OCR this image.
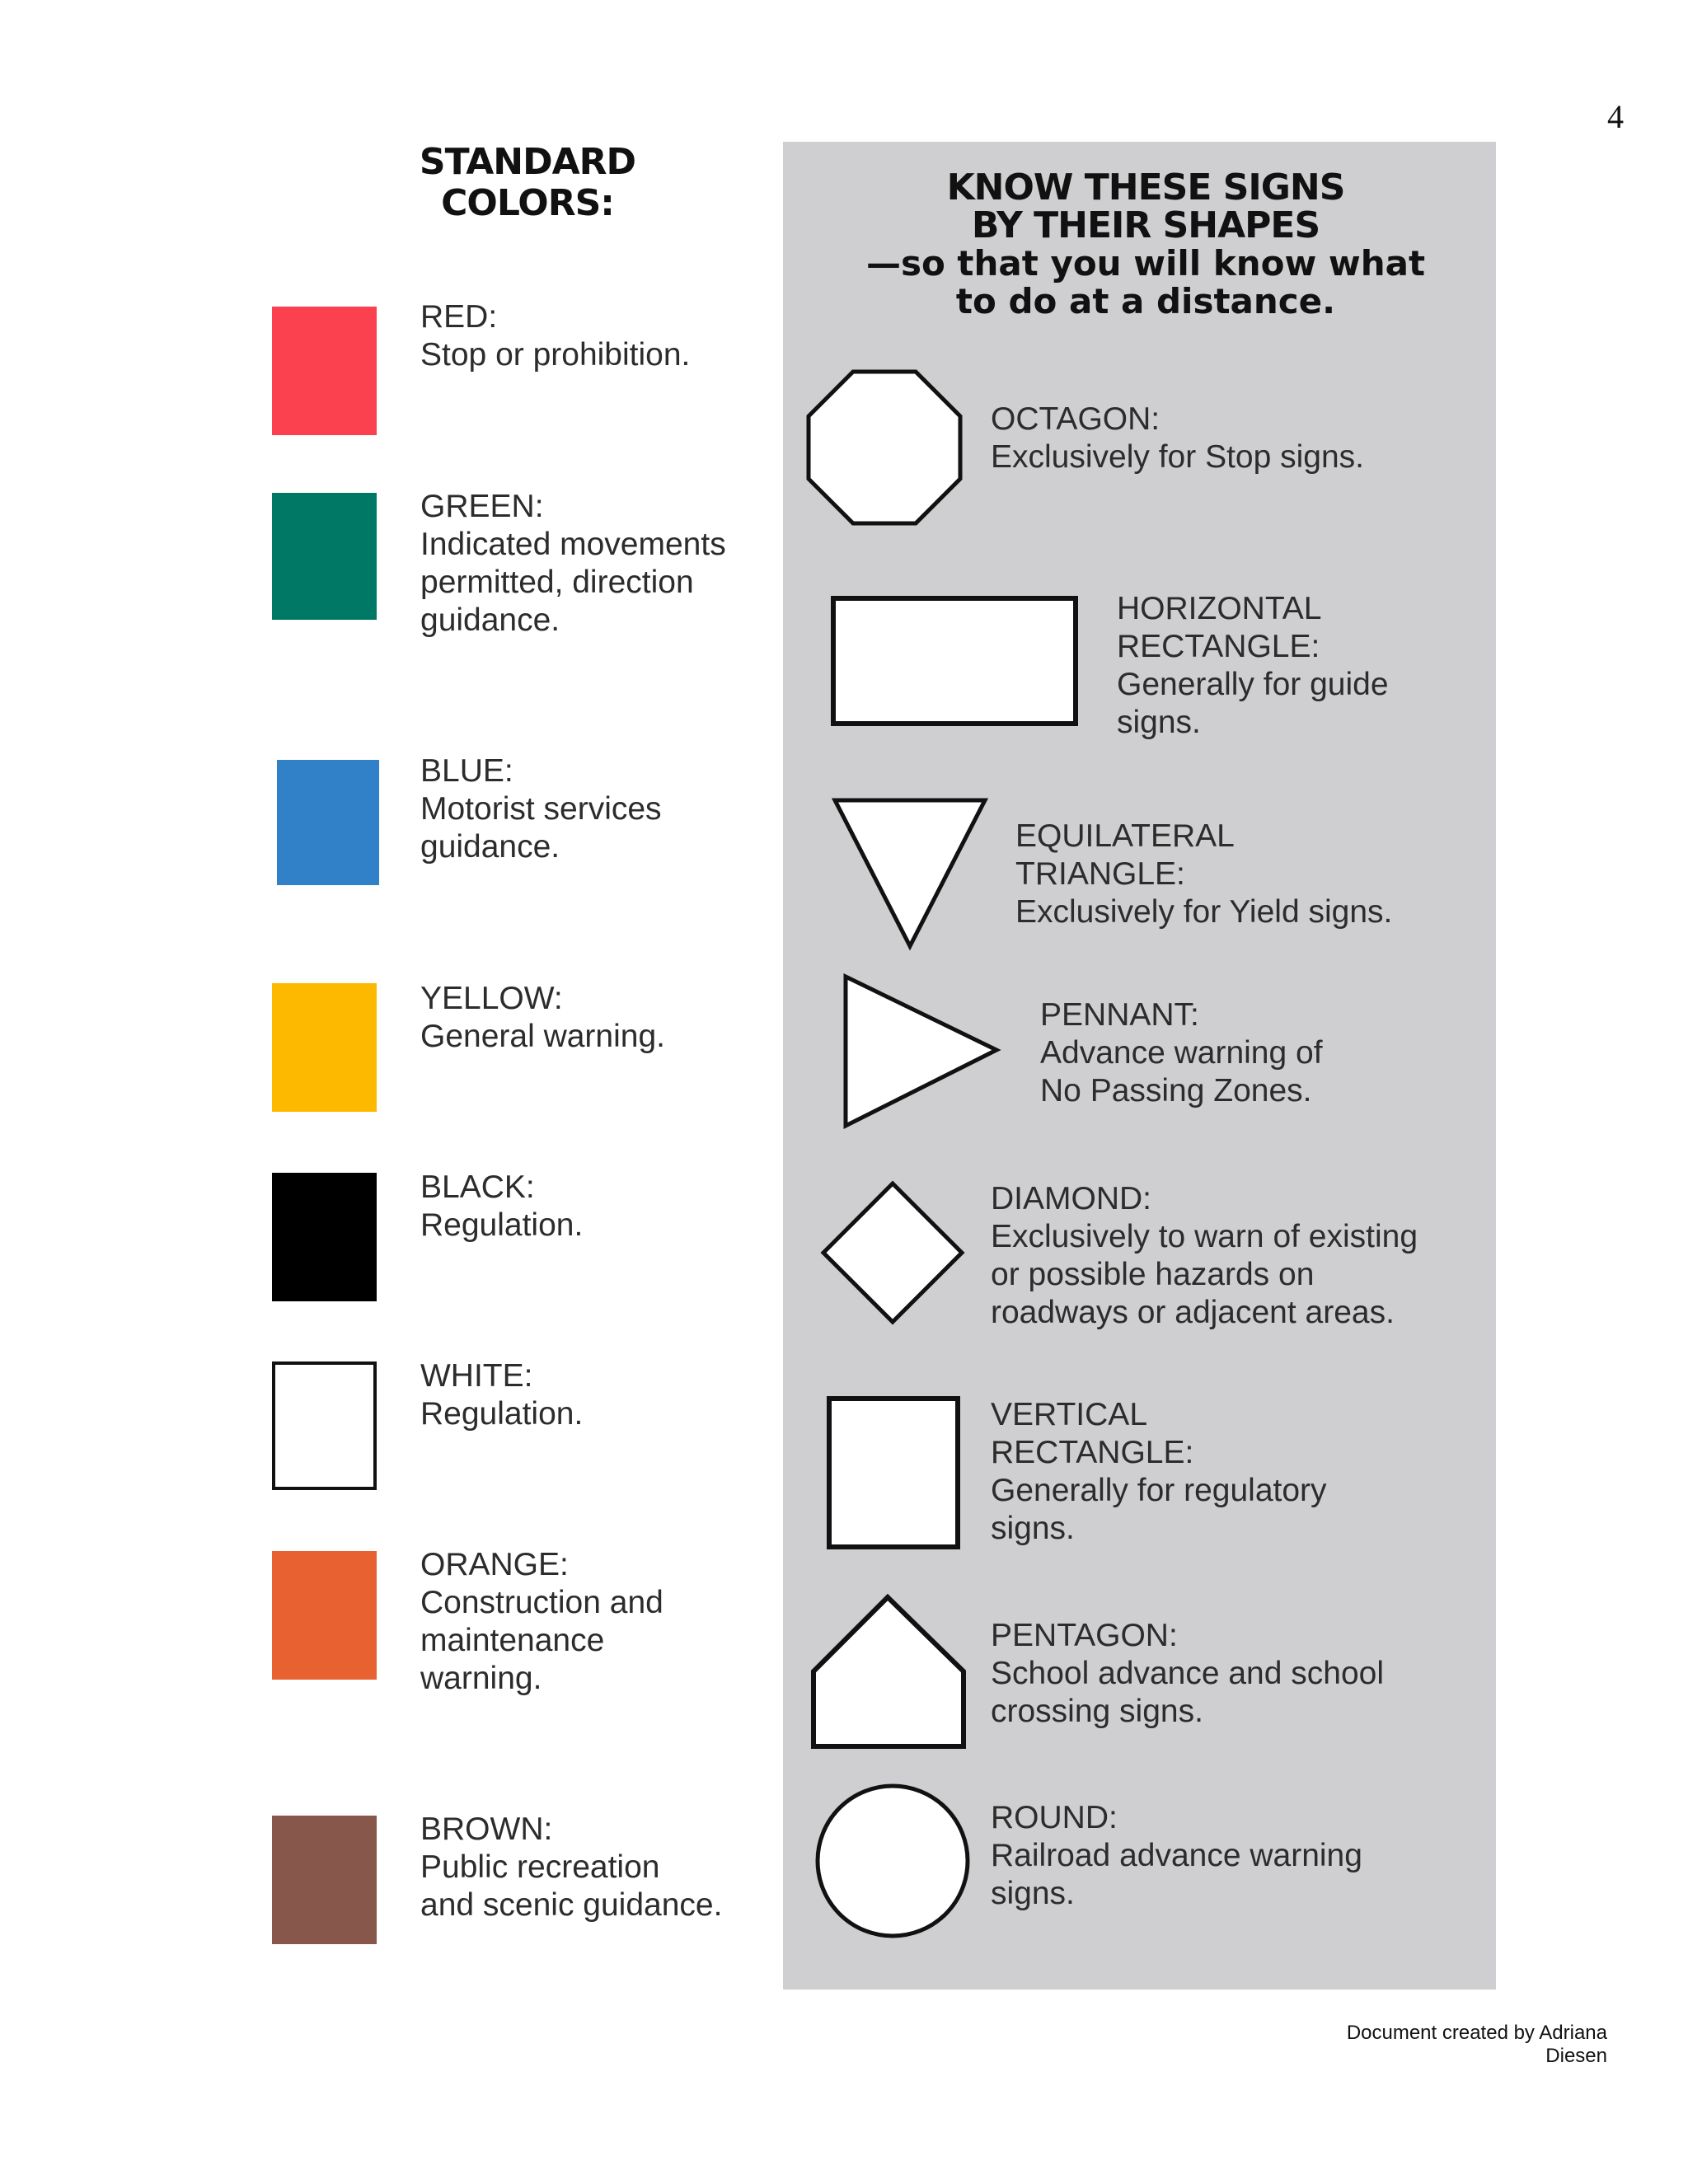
4
STANDARD COLORS:
RED:
Stop or prohibition.
GREEN:
Indicated movements
permitted, direction
guidance.
BLUE:
Motorist services
guidance.
YELLOW:
General warning.
BLACK:
Regulation.
WHITE:
Regulation.
ORANGE:
Construction and
maintenance
warning.
BROWN:
Public recreation
and scenic guidance.
KNOW THESE SIGNS
BY THEIR SHAPES
—so that you will know what
to do at a distance.
OCTAGON:
Exclusively for Stop signs.
HORIZONTAL
RECTANGLE:
Generally for guide
signs.
EQUILATERAL
TRIANGLE:
Exclusively for Yield signs.
PENNANT:
Advance warning of
No Passing Zones.
DIAMOND:
Exclusively to warn of existing
or possible hazards on
roadways or adjacent areas.
VERTICAL
RECTANGLE:
Generally for regulatory
signs.
PENTAGON:
School advance and school
crossing signs.
ROUND:
Railroad advance warning
signs.
Document created by Adriana Diesen
